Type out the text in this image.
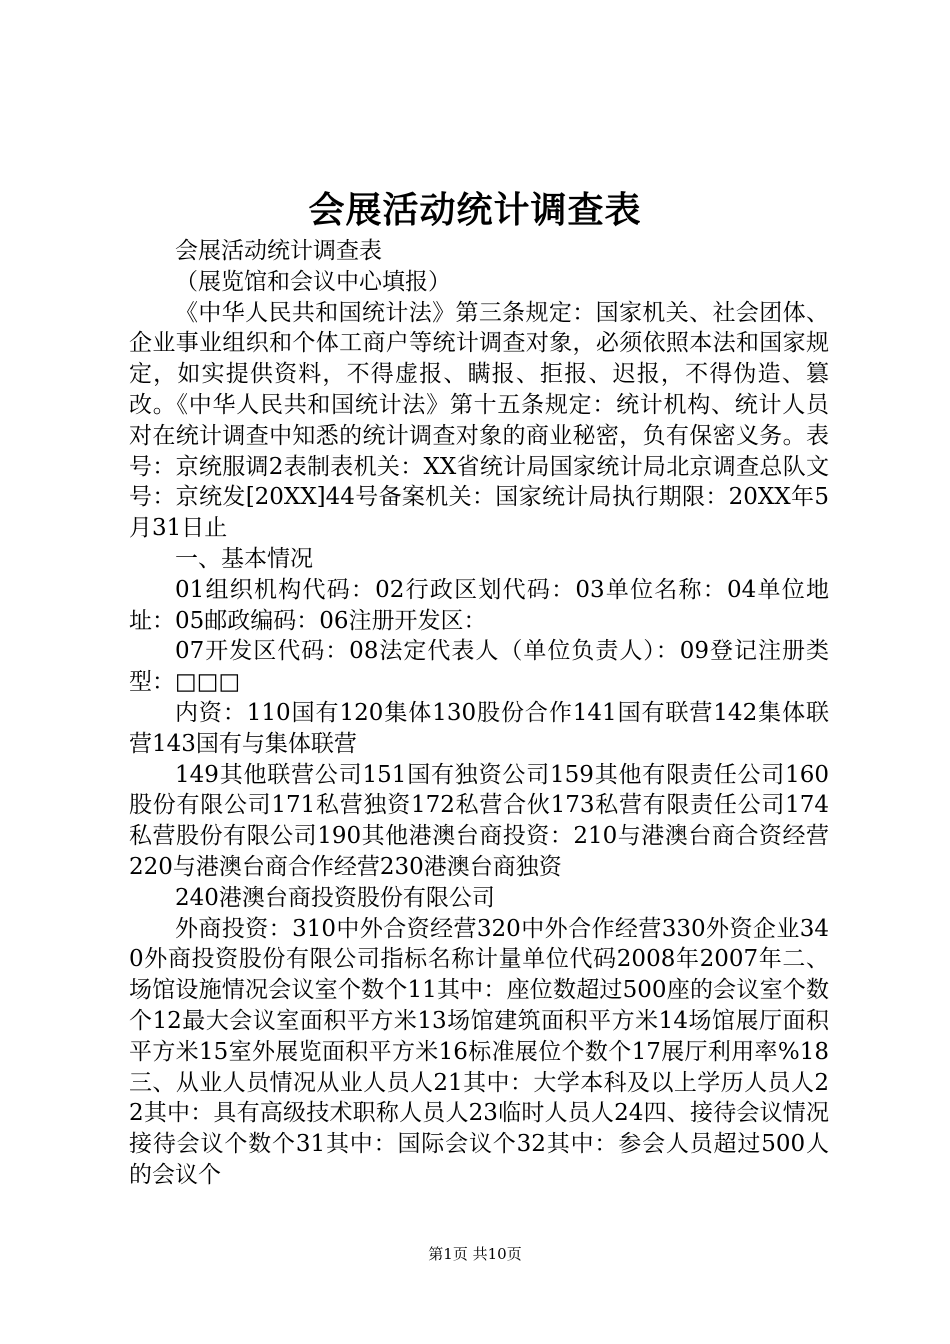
会展活动统计调查表

会展活动统计调查表

（展览馆和会议中心填报）

《中华人民共和国统计法》第三条规定：国家机关、社会团体、企业事业组织和个体工商户等统计调查对象，必须依照本法和国家规定，如实提供资料，不得虚报、瞒报、拒报、迟报，不得伪造、篡改。《中华人民共和国统计法》第十五条规定：统计机构、统计人员对在统计调查中知悉的统计调查对象的商业秘密，负有保密义务。表号：京统服调2表制表机关：XX省统计局国家统计局北京调查总队文号：京统发[20XX]44号备案机关：国家统计局执行期限：20XX年5月31日止

一、基本情况

01组织机构代码：02行政区划代码：03单位名称：04单位地址：05邮政编码：06注册开发区：

07开发区代码：08法定代表人（单位负责人）：09登记注册类型：□□□

内资：110国有120集体130股份合作141国有联营142集体联营143国有与集体联营

149其他联营公司151国有独资公司159其他有限责任公司160股份有限公司171私营独资172私营合伙173私营有限责任公司174私营股份有限公司190其他港澳台商投资：210与港澳台商合资经营220与港澳台商合作经营230港澳台商独资

240港澳台商投资股份有限公司

外商投资：310中外合资经营320中外合作经营330外资企业340外商投资股份有限公司指标名称计量单位代码2008年2007年二、场馆设施情况会议室个数个11其中：座位数超过500座的会议室个数个12最大会议室面积平方米13场馆建筑面积平方米14场馆展厅面积平方米15室外展览面积平方米16标准展位个数个17展厅利用率%18三、从业人员情况从业人员人21其中：大学本科及以上学历人员人22其中：具有高级技术职称人员人23临时人员人24四、接待会议情况接待会议个数个31其中：国际会议个32其中：参会人员超过500人的会议个

第1页 共10页
